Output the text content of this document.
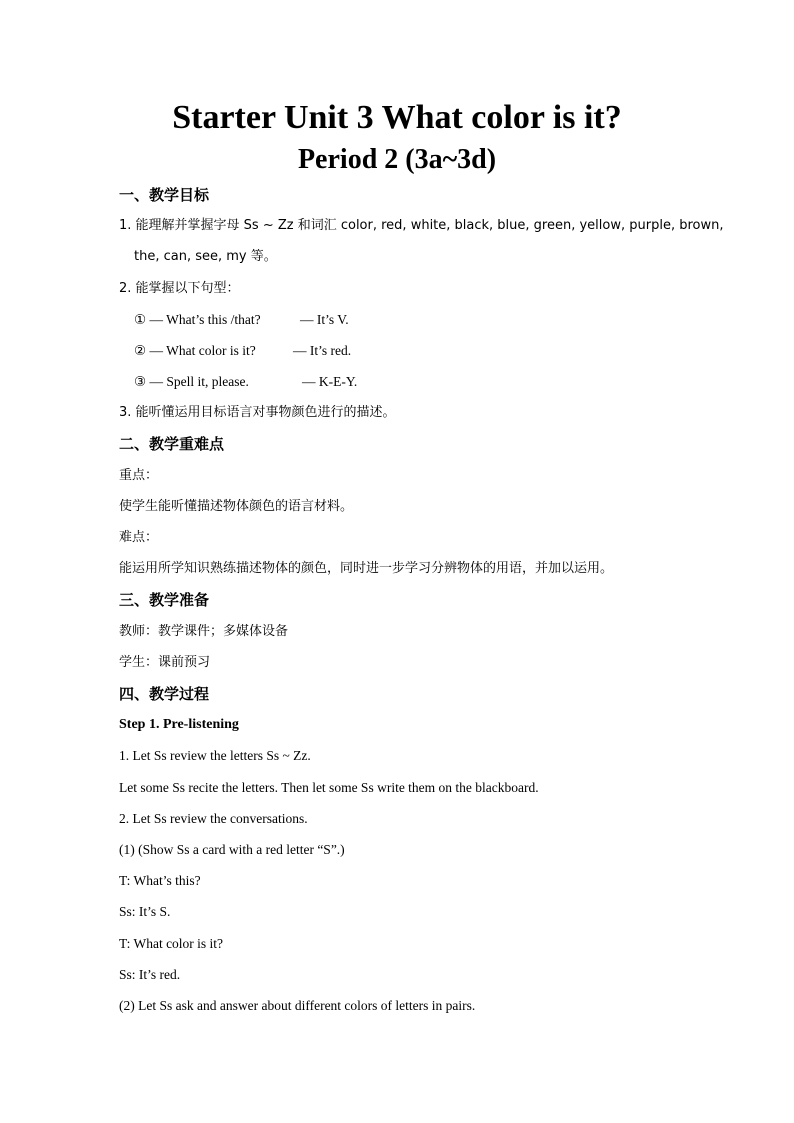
Starter Unit 3 What color is it?
Period 2 (3a~3d)
一、教学目标
1. 能理解并掌握字母 Ss ~ Zz 和词汇 color, red, white, black, blue, green, yellow, purple, brown,
the, can, see, my 等。
2. 能掌握以下句型：
① — What’s this /that?	— It’s V.
② — What color is it?	— It’s red.
③ — Spell it, please.	— K-E-Y.
3. 能听懂运用目标语言对事物颜色进行的描述。
二、教学重难点
重点：
使学生能听懂描述物体颜色的语言材料。
难点：
能运用所学知识熟练描述物体的颜色，同时进一步学习分辨物体的用语，并加以运用。
三、教学准备
教师：教学课件；多媒体设备
学生：课前预习
四、教学过程
Step 1. Pre-listening
1. Let Ss review the letters Ss ~ Zz.
Let some Ss recite the letters. Then let some Ss write them on the blackboard.
2. Let Ss review the conversations.
(1) (Show Ss a card with a red letter “S”.)
T: What’s this?
Ss: It’s S.
T: What color is it?
Ss: It’s red.
(2) Let Ss ask and answer about different colors of letters in pairs.
